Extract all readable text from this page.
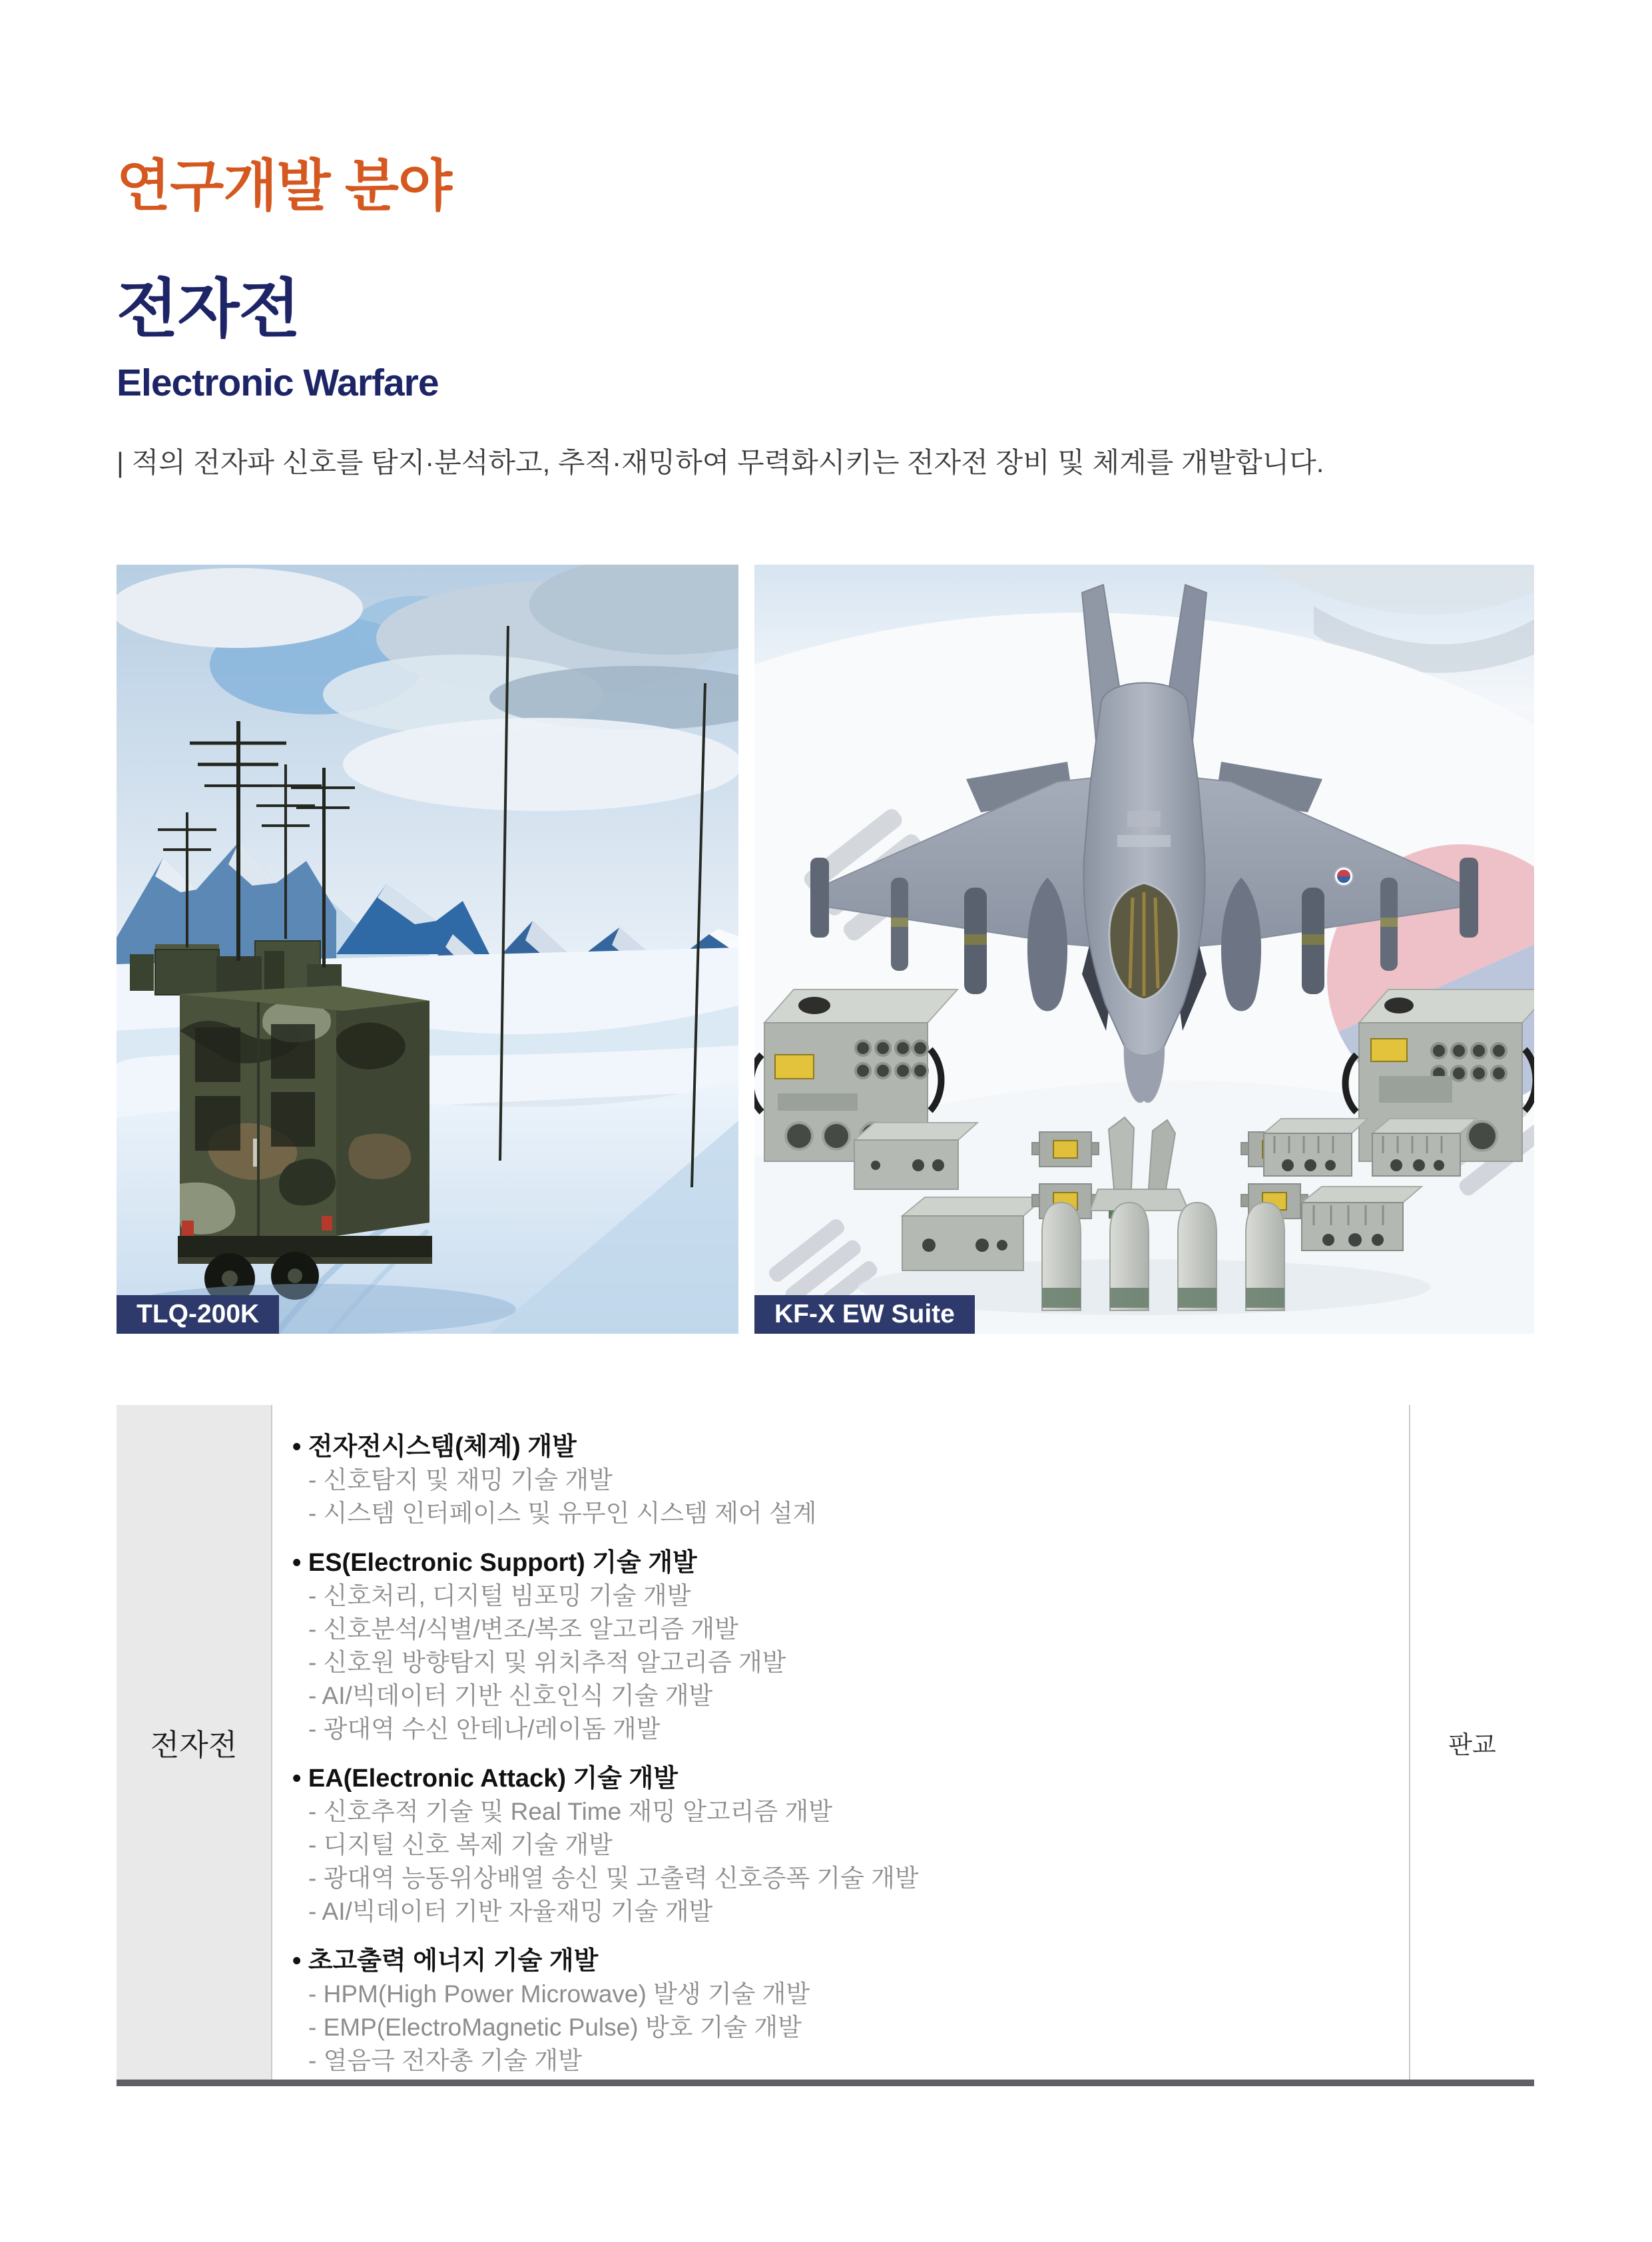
연구개발 분야
전자전
Electronic Warfare

| 적의 전자파 신호를 탐지·분석하고, 추적·재밍하여 무력화시키는 전자전 장비 및 체계를 개발합니다.

TLQ-200K	KF-X EW Suite
전자전
• 전자전시스템(체계) 개발
- 신호탐지 및 재밍 기술 개발
- 시스템 인터페이스 및 유무인 시스템 제어 설계
• ES(Electronic Support) 기술 개발
- 신호처리, 디지털 빔포밍 기술 개발
- 신호분석/식별/변조/복조 알고리즘 개발
- 신호원 방향탐지 및 위치추적 알고리즘 개발
- AI/빅데이터 기반 신호인식 기술 개발
- 광대역 수신 안테나/레이돔 개발
• EA(Electronic Attack) 기술 개발
- 신호추적 기술 및 Real Time 재밍 알고리즘 개발
- 디지털 신호 복제 기술 개발
- 광대역 능동위상배열 송신 및 고출력 신호증폭 기술 개발
- AI/빅데이터 기반 자율재밍 기술 개발
• 초고출력 에너지 기술 개발
- HPM(High Power Microwave) 발생 기술 개발
- EMP(ElectroMagnetic Pulse) 방호 기술 개발
- 열음극 전자총 기술 개발
판교
